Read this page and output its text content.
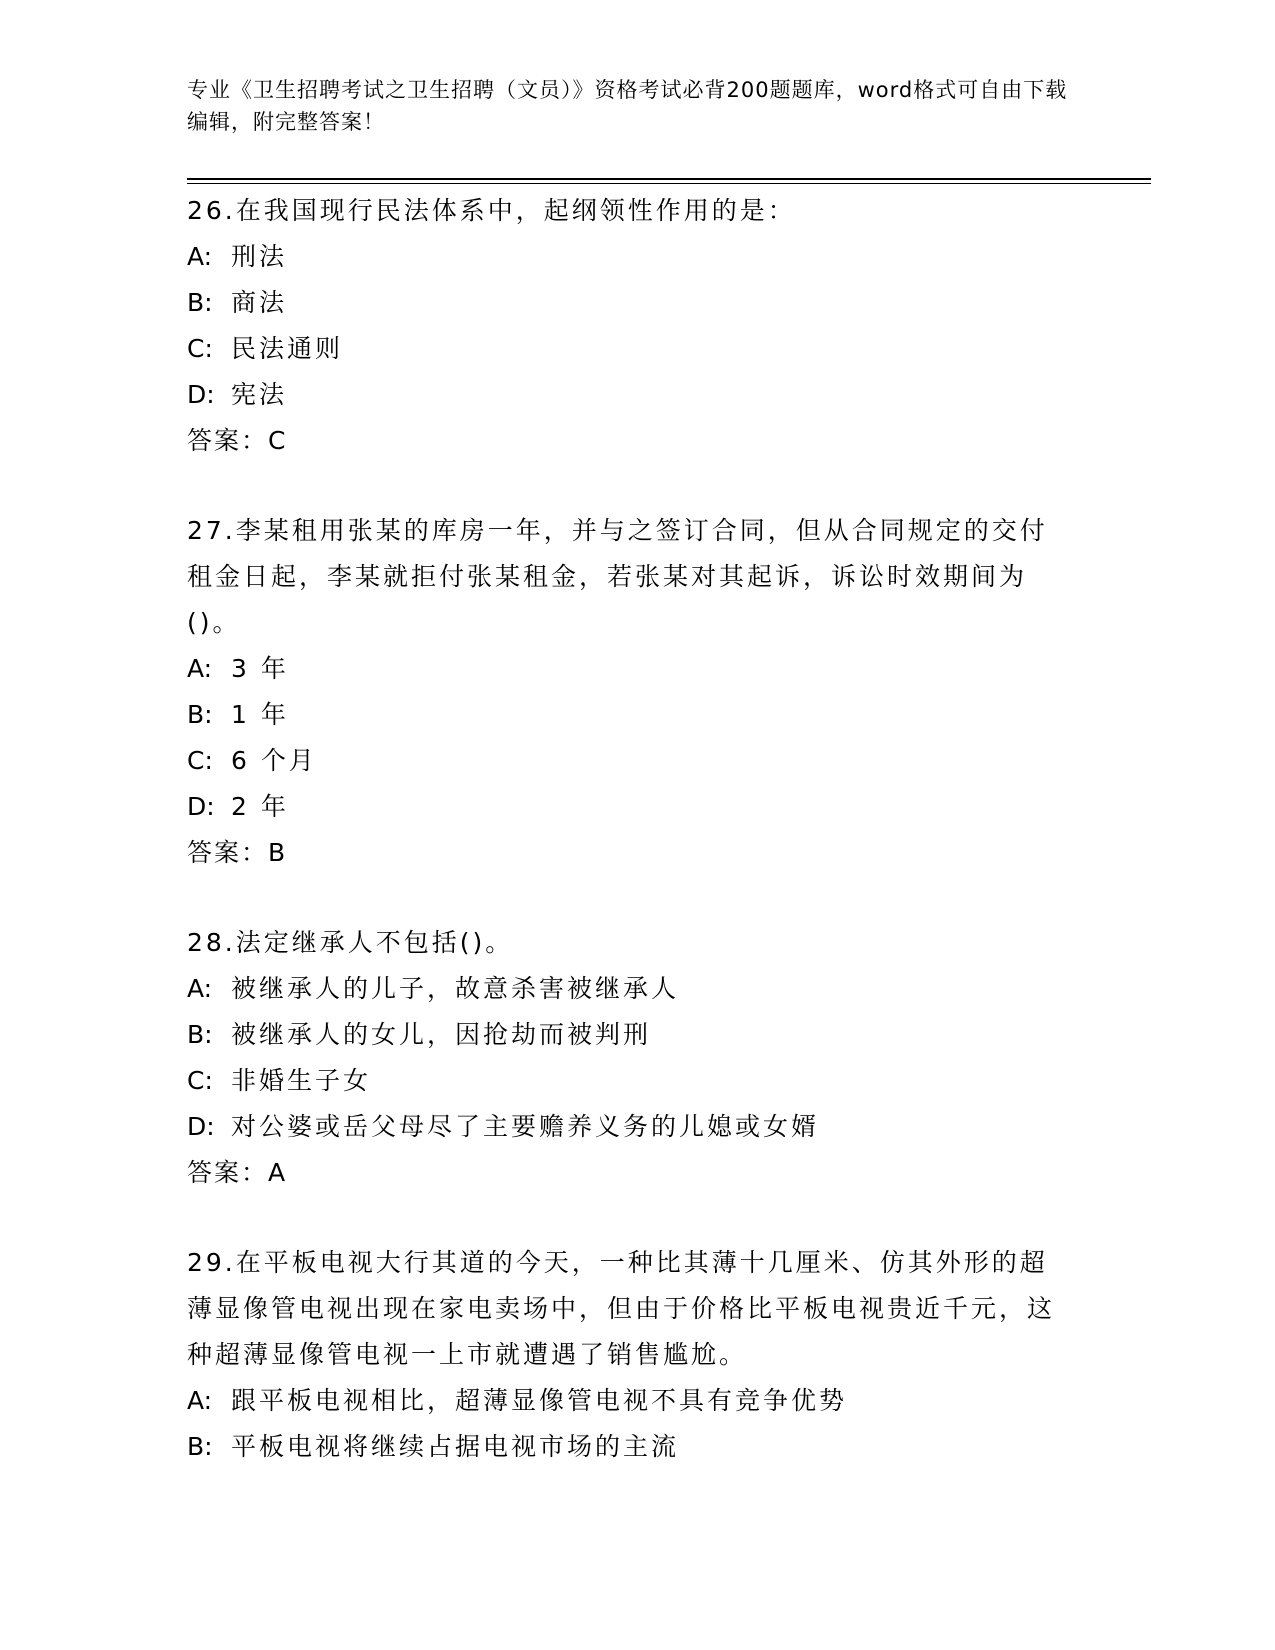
专业《卫生招聘考试之卫生招聘（文员）》资格考试必背200题题库，word格式可自由下载编辑，附完整答案！
26.在我国现行民法体系中，起纲领性作用的是：
A: 刑法
B: 商法
C: 民法通则
D: 宪法
答案：C
27.李某租用张某的库房一年，并与之签订合同，但从合同规定的交付租金日起，李某就拒付张某租金，若张某对其起诉，诉讼时效期间为()。
A: 3 年
B: 1 年
C: 6 个月
D: 2 年
答案：B
28.法定继承人不包括()。
A: 被继承人的儿子，故意杀害被继承人
B: 被继承人的女儿，因抢劫而被判刑
C: 非婚生子女
D: 对公婆或岳父母尽了主要赡养义务的儿媳或女婿
答案：A
29.在平板电视大行其道的今天，一种比其薄十几厘米、仿其外形的超薄显像管电视出现在家电卖场中，但由于价格比平板电视贵近千元，这种超薄显像管电视一上市就遭遇了销售尴尬。
A: 跟平板电视相比，超薄显像管电视不具有竞争优势
B: 平板电视将继续占据电视市场的主流
